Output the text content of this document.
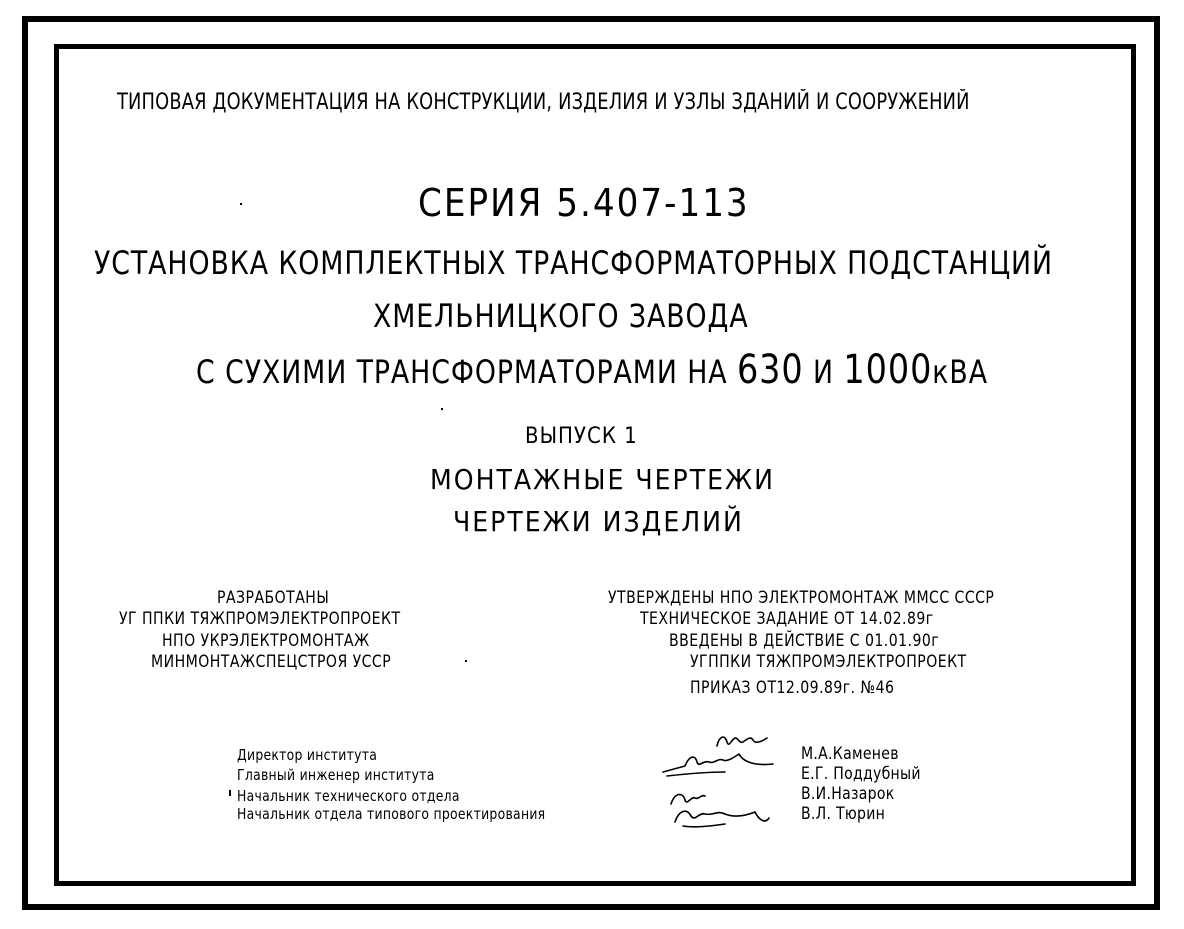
ТИПОВАЯ ДОКУМЕНТАЦИЯ НА КОНСТРУКЦИИ, ИЗДЕЛИЯ И УЗЛЫ ЗДАНИЙ И СООРУЖЕНИЙ
СЕРИЯ 5.407-113
УСТАНОВКА КОМПЛЕКТНЫХ ТРАНСФОРМАТОРНЫХ ПОДСТАНЦИЙ
ХМЕЛЬНИЦКОГО ЗАВОДА
С СУХИМИ ТРАНСФОРМАТОРАМИ НА 630 И 1000кВА
ВЫПУСК 1
МОНТАЖНЫЕ ЧЕРТЕЖИ
ЧЕРТЕЖИ ИЗДЕЛИЙ
РАЗРАБОТАНЫ
УГ ППКИ ТЯЖПРОМЭЛЕКТРОПРОЕКТ
НПО УКРЭЛЕКТРОМОНТАЖ
МИНМОНТАЖСПЕЦСТРОЯ УССР
УТВЕРЖДЕНЫ НПО ЭЛЕКТРОМОНТАЖ ММСС СССР
ТЕХНИЧЕСКОЕ ЗАДАНИЕ ОТ 14.02.89г
ВВЕДЕНЫ В ДЕЙСТВИЕ С 01.01.90г
УГППКИ ТЯЖПРОМЭЛЕКТРОПРОЕКТ
ПРИКАЗ ОТ12.09.89г. №46
Директор института
Главный инженер института
Начальник технического отдела
Начальник отдела типового проектирования
М.А.Каменев
Е.Г. Поддубный
В.И.Назарок
В.Л. Тюрин
